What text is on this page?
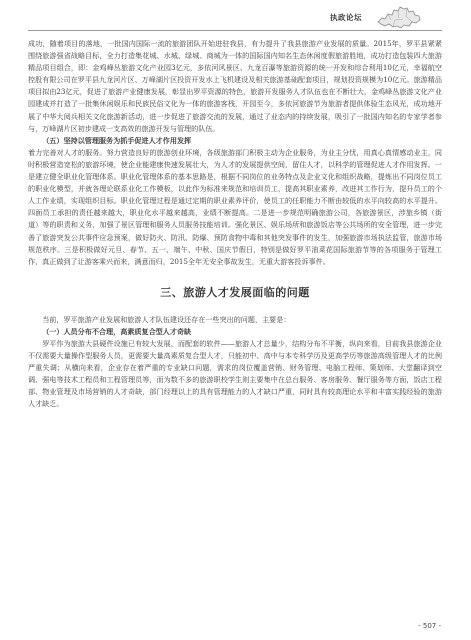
执政论坛

成功，随着项目的落地，一批国内国际一流的旅游团队开始进驻我县，有力提升了我县旅游产业发展的质量。2015年，罗平县紧紧围绕旅游强省战略目标，全力打造集花城、水城、绿城、商城为一体的国际国内知名生态休闲度假旅游胜地，成功打造包装四大旅游精品项目组合，即：金鸡峰丛旅游文化产业园3亿元，多依河风景区、九龙百瀑等旅游资源的统一开发和综合利用10亿元，幸福航空控股有限公司在罗平县九龙河片区、万峰湖片区投资开发水上飞机建设及相关旅游基础配套项目，规划投资规模为10亿元。旅游精品项目拟由23亿元，促进了旅游产业健康发展，彰显出罗平资源的特色，旅游开发服务人才队伍也在不断壮大，金鸡峰丛旅游文化产业园建成并打造了一批集休闲娱乐和民族民俗文化为一体的旅游客栈，开园至今，多依河旅游节为旅游者提供体验生态风光，成功地开展了中华大阅兵相关文化旅游新活动，进一步促进了旅游交流的发展，通过了业态内的持续发展，吸引了一批国内知名的专家学者参与，万峰湖片区初步建成一支高效的旅游开发与管理的队伍。

（五）坚持以管理服务为抓手促进人才作用发挥
着力完善对人才的服务。努力营造良好的旅游创业环境，各级旅游部门积极主动为企业服务，为业主分忧，用真心真情感动业主，同时积极营造宽松的旅游环境，使企业能建康快速发展壮大，为人才的发展提供空间，留住人才，以科学的管理促进人才作用发挥。一是建立健全职业化管理体系。职业化管理体系的基本思路是，根据不同岗位的业务特点及企业文化和组织战略，提炼出不同岗位员工的职业化模型，并就各理论联系业化工作模板，以此作为标准来规范和培训员工，提高其职业素养，改进其工作行为，提升员工的个人工作业绩，实现组织目标。职业化管理过程是通过定期的职业素养评价，使员工的任职能力不断由较低的水平向较高的水平提升。四面员工承担的责任越来越大，职业化水平越来越高，业绩不断提高。二是进一步规范明确旅游公司，各旅游景区，涉旅乡镇（街道）等的职责和义务，加强了景区管理和服务人员服务技能培训。强化景区、娱乐场所和旅游饭店等公共场所的安全管理，进一步完善了旅游突发公共事件应急预案，做好防火、防汛、防爆、预防食物中毒和其他突发事件的发生，加强旅游市场执法监管，旅游市场规范秩序。三是积极做好元旦、春节、五一、端午、中秋、国庆节假日，特别是做好罗平油菜花国际旅游节等的各项服务于管理工作，真正做到了让游客乘兴而来，满意而归，2015全年无安全事故发生，无重大游客投诉事件。

三、旅游人才发展面临的问题

当前，罗平旅游产业发展和旅游人才队伍建设还存在一些突出的问题，主要是：

（一）人员分布不合理，高素质复合型人才奇缺

罗平作为旅游大县硬件设施已有较大发展，而配套的软件——旅游人才总量少，结构分布不平衡，纵向来看，目前我县旅游企业不仅需要大量操作型服务人员，更需要大量高素质复合型人才，只能初中、高中与本专科学历及更高学历等旅游高级管理人才的比例严重失调；从横向来看，企业存在着严重的专业缺口问题，需求的岗位覆盖营销、财务管理、电脑工程师、策划师、大堂翻译到空调、强电等技术工程员和工程管理员等，而为数不多的旅游职校学生则主要集中在总台服务、客房服务、餐厅服务等方面，饭店工程部、物业管理及市场营销的人才奇缺，部门经理以上的具有管理能力的人才缺口严重，同时具有较高理论水平和丰富实践经验的旅游人才缺乏。

- 507 -
